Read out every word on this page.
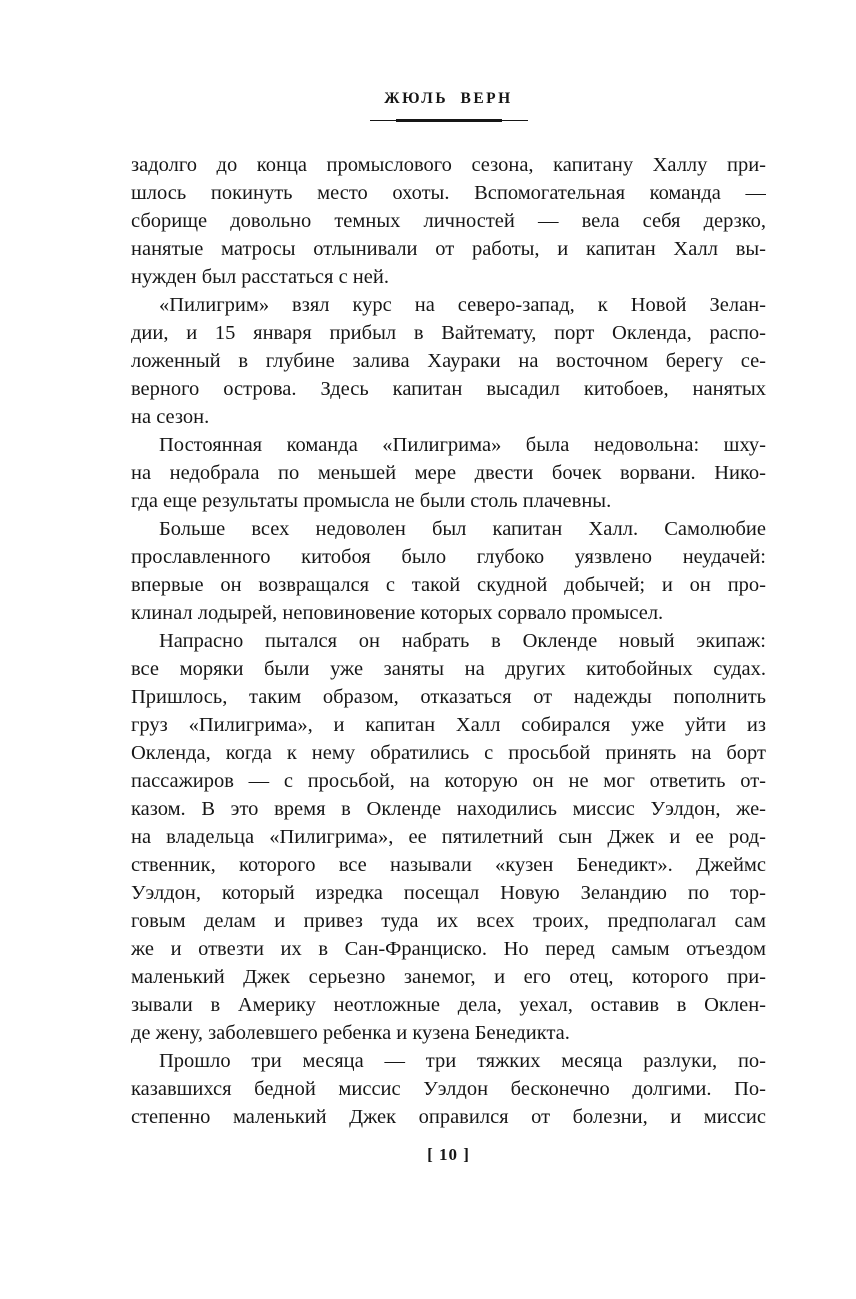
ЖЮЛЬ ВЕРН
задолго до конца промыслового сезона, капитану Халлу при-
шлось покинуть место охоты. Вспомогательная команда —
сборище довольно темных личностей — вела себя дерзко,
нанятые матросы отлынивали от работы, и капитан Халл вы-
нужден был расстаться с ней.
«Пилигрим» взял курс на северо-запад, к Новой Зелан-
дии, и 15 января прибыл в Вайтемату, порт Окленда, распо-
ложенный в глубине залива Хаураки на восточном берегу се-
верного острова. Здесь капитан высадил китобоев, нанятых
на сезон.
Постоянная команда «Пилигрима» была недовольна: шху-
на недобрала по меньшей мере двести бочек ворвани. Нико-
гда еще результаты промысла не были столь плачевны.
Больше всех недоволен был капитан Халл. Самолюбие
прославленного китобоя было глубоко уязвлено неудачей:
впервые он возвращался с такой скудной добычей; и он про-
клинал лодырей, неповиновение которых сорвало промысел.
Напрасно пытался он набрать в Окленде новый экипаж:
все моряки были уже заняты на других китобойных судах.
Пришлось, таким образом, отказаться от надежды пополнить
груз «Пилигрима», и капитан Халл собирался уже уйти из
Окленда, когда к нему обратились с просьбой принять на борт
пассажиров — с просьбой, на которую он не мог ответить от-
казом. В это время в Окленде находились миссис Уэлдон, же-
на владельца «Пилигрима», ее пятилетний сын Джек и ее род-
ственник, которого все называли «кузен Бенедикт». Джеймс
Уэлдон, который изредка посещал Новую Зеландию по тор-
говым делам и привез туда их всех троих, предполагал сам
же и отвезти их в Сан-Франциско. Но перед самым отъездом
маленький Джек серьезно занемог, и его отец, которого при-
зывали в Америку неотложные дела, уехал, оставив в Оклен-
де жену, заболевшего ребенка и кузена Бенедикта.
Прошло три месяца — три тяжких месяца разлуки, по-
казавшихся бедной миссис Уэлдон бесконечно долгими. По-
степенно маленький Джек оправился от болезни, и миссис
[ 10 ]
